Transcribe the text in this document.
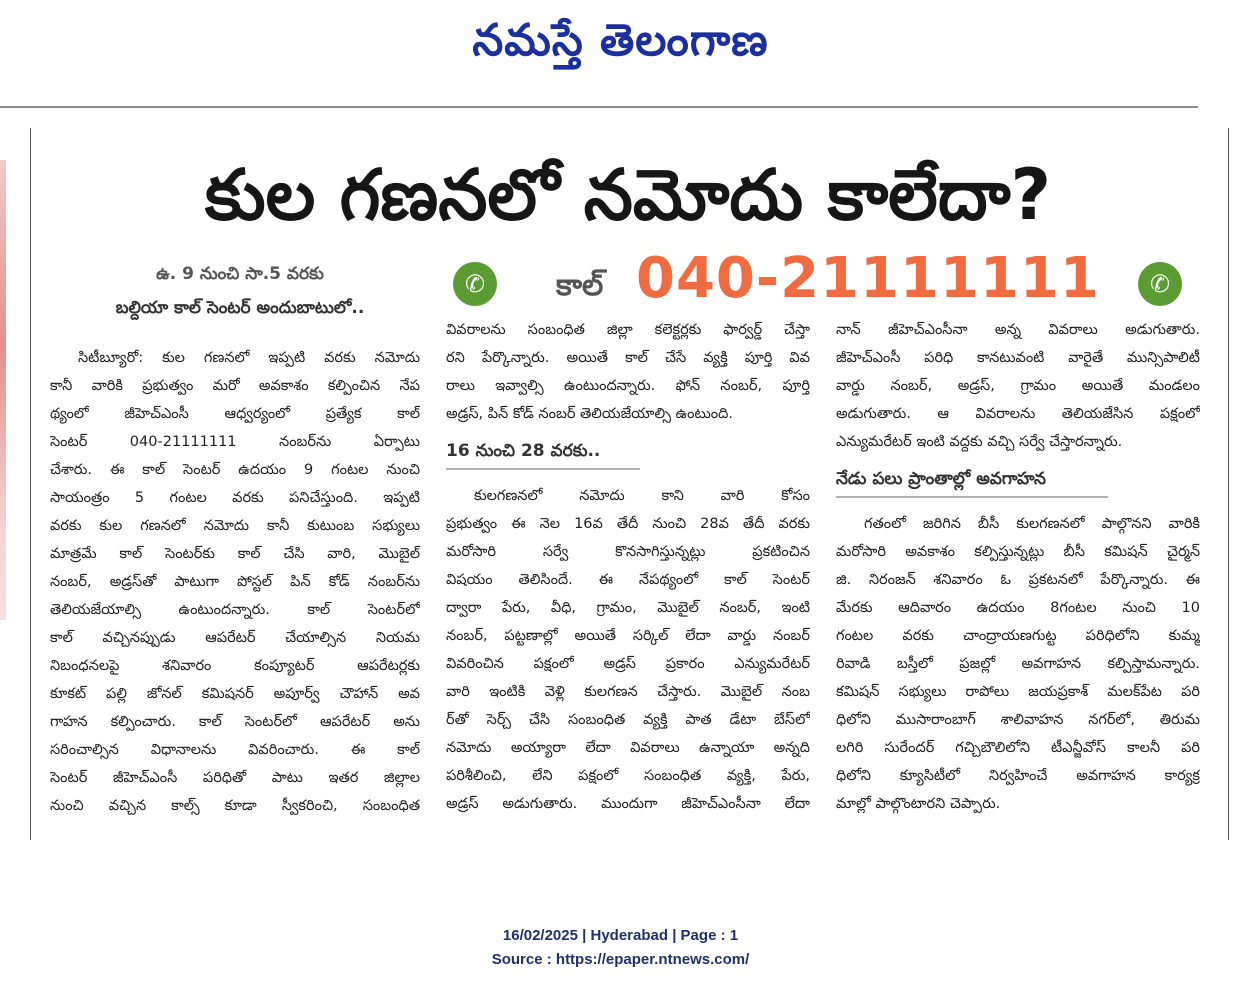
నమస్తే తెలంగాణ
కుల గణనలో నమోదు కాలేదా?
ఉ. 9 నుంచి సా.5 వరకు
బల్దియా కాల్‌ సెంటర్‌ అందుబాటులో..
✆	కాల్‌ 040-21111111	✆

సిటీబ్యూరో: కుల గణనలో ఇప్పటి వరకు నమోదు

కానీ వారికి ప్రభుత్వం మరో అవకాశం కల్పించిన నేప

థ్యంలో జీహెచ్‌ఎంసీ ఆధ్వర్యంలో ప్రత్యేక కాల్‌

సెంటర్‌ 040-21111111 నంబర్‌ను ఏర్పాటు

చేశారు. ఈ కాల్‌ సెంటర్‌ ఉదయం 9 గంటల నుంచి

సాయంత్రం 5 గంటల వరకు పనిచేస్తుంది. ఇప్పటి

వరకు కుల గణనలో నమోదు కానీ కుటుంబ సభ్యులు

మాత్రమే కాల్‌ సెంటర్‌కు కాల్‌ చేసి వారి, మొబైల్‌

నంబర్‌, అడ్రస్‌తో పాటుగా పోస్టల్‌ పిన్‌ కోడ్‌ నంబర్‌ను

తెలియజేయాల్సి ఉంటుందన్నారు. కాల్‌ సెంటర్‌లో

కాల్‌ వచ్చినప్పుడు ఆపరేటర్‌ చేయాల్సిన నియమ

నిబంధనలపై శనివారం కంప్యూటర్‌ ఆపరేటర్లకు

కూకట్‌ పల్లి జోనల్‌ కమిషనర్‌ అపూర్వ్‌ చౌహాన్‌ అవ

గాహన కల్పించారు. కాల్‌ సెంటర్‌లో ఆపరేటర్‌ అను

సరించాల్సిన విధానాలను వివరించారు. ఈ కాల్‌

సెంటర్‌ జీహెచ్‌ఎంసీ పరిధితో పాటు ఇతర జిల్లాల

నుంచి వచ్చిన కాల్స్‌ కూడా స్వీకరించి, సంబంధిత

వివరాలను సంబంధిత జిల్లా కలెక్టర్లకు ఫార్వర్డ్‌ చేస్తా

రని పేర్కొన్నారు. అయితే కాల్‌ చేసే వ్యక్తి పూర్తి వివ

రాలు ఇవ్వాల్సి ఉంటుందన్నారు. ఫోన్‌ నంబర్‌, పూర్తి

అడ్రస్‌, పిన్‌ కోడ్‌ నంబర్‌ తెలియజేయాల్సి ఉంటుంది.

16 నుంచి 28 వరకు..

కులగణనలో నమోదు కాని వారి కోసం

ప్రభుత్వం ఈ నెల 16వ తేదీ నుంచి 28వ తేదీ వరకు

మరోసారి సర్వే కొనసాగిస్తున్నట్లు ప్రకటించిన

విషయం తెలిసిందే. ఈ నేపథ్యంలో కాల్‌ సెంటర్‌

ద్వారా పేరు, వీధి, గ్రామం, మొబైల్‌ నంబర్‌, ఇంటి

నంబర్‌, పట్టణాల్లో అయితే సర్కిల్‌ లేదా వార్డు నంబర్‌

వివరించిన పక్షంలో అడ్రస్‌ ప్రకారం ఎన్యుమరేటర్‌

వారి ఇంటికి వెళ్లి కులగణన చేస్తారు. మొబైల్‌ నంబ

ర్‌తో సెర్చ్‌ చేసి సంబంధిత వ్యక్తి పాత డేటా బేస్‌లో

నమోదు అయ్యారా లేదా వివరాలు ఉన్నాయా అన్నది

పరిశీలించి, లేని పక్షంలో సంబంధిత వ్యక్తి, పేరు,

అడ్రస్‌ అడుగుతారు. ముందుగా జీహెచ్‌ఎంసీనా లేదా

నాన్‌ జీహెచ్‌ఎంసీనా అన్న వివరాలు అడుగుతారు.

జీహెచ్‌ఎంసీ పరిధి కానటువంటి వారైతే మున్సిపాలిటీ

వార్డు నంబర్‌, అడ్రస్‌, గ్రామం అయితే మండలం

అడుగుతారు. ఆ వివరాలను తెలియజేసిన పక్షంలో

ఎన్యుమరేటర్‌ ఇంటి వద్దకు వచ్చి సర్వే చేస్తారన్నారు.

నేడు పలు ప్రాంతాల్లో అవగాహన

గతంలో జరిగిన బీసీ కులగణనలో పాల్గొనని వారికి

మరోసారి అవకాశం కల్పిస్తున్నట్లు బీసీ కమిషన్‌ చైర్మన్‌

జి. నిరంజన్‌ శనివారం ఓ ప్రకటనలో పేర్కొన్నారు. ఈ

మేరకు ఆదివారం ఉదయం 8గంటల నుంచి 10

గంటల వరకు చాంద్రాయణగుట్ట పరిధిలోని కుమ్మ

రివాడి బస్తీలో ప్రజల్లో అవగాహన కల్పిస్తామన్నారు.

కమిషన్‌ సభ్యులు రాపోలు జయప్రకాశ్‌ మలక్‌పేట పరి

ధిలోని ముసారాంబాగ్‌ శాలివాహన నగర్‌లో, తిరుమ

లగిరి సురేందర్‌ గచ్చిబౌలిలోని టీఎన్జీవోస్‌ కాలనీ పరి

ధిలోని క్యూసిటీలో నిర్వహించే అవగాహన కార్యక్ర

మాల్లో పాల్గొంటారని చెప్పారు.

16/02/2025 | Hyderabad | Page : 1
Source : https://epaper.ntnews.com/
